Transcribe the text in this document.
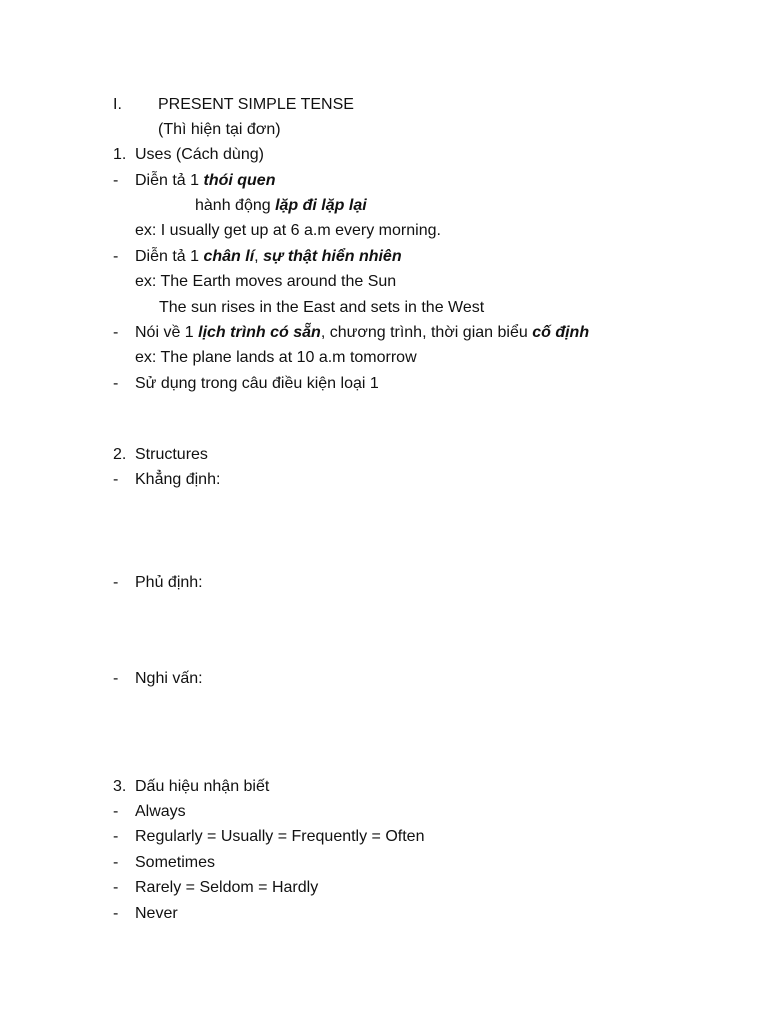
I. PRESENT SIMPLE TENSE
(Thì hiện tại đơn)
1. Uses (Cách dùng)
- Diễn tả 1 thói quen
hành động lặp đi lặp lại
ex: I usually get up at 6 a.m every morning.
- Diễn tả 1 chân lí, sự thật hiển nhiên
ex: The Earth moves around the Sun
The sun rises in the East and sets in the West
- Nói về 1 lịch trình có sẵn, chương trình, thời gian biểu cố định
ex: The plane lands at 10 a.m tomorrow
- Sử dụng trong câu điều kiện loại 1
2. Structures
- Khẳng định:
- Phủ định:
- Nghi vấn:
3. Dấu hiệu nhận biết
- Always
- Regularly = Usually = Frequently = Often
- Sometimes
- Rarely = Seldom = Hardly
- Never
